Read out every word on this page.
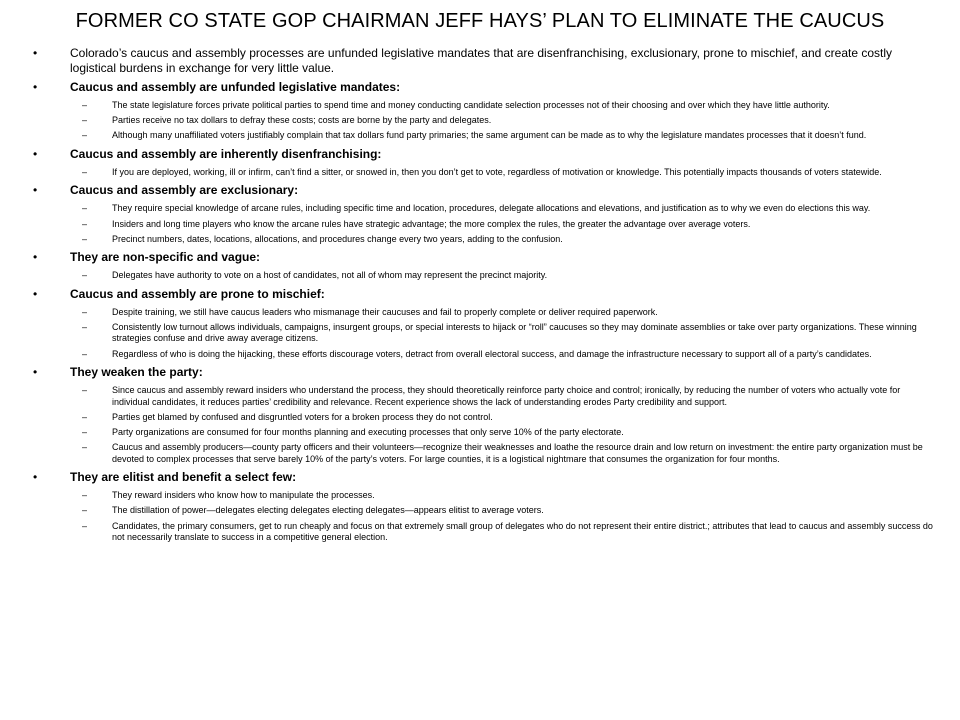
FORMER CO STATE GOP CHAIRMAN JEFF HAYS’ PLAN TO ELIMINATE THE CAUCUS
•	Colorado’s caucus and assembly processes are unfunded legislative mandates that are disenfranchising, exclusionary, prone to mischief, and create costly logistical burdens in exchange for very little value.
•	Caucus and assembly are unfunded legislative mandates:
–	The state legislature forces private political parties to spend time and money conducting candidate selection processes not of their choosing and over which they have little authority.
–	Parties receive no tax dollars to defray these costs; costs are borne by the party and delegates.
–	Although many unaffiliated voters justifiably complain that tax dollars fund party primaries; the same argument can be made as to why the legislature mandates processes that it doesn’t fund.
•	Caucus and assembly are inherently disenfranchising:
–	If you are deployed, working, ill or infirm, can’t find a sitter, or snowed in, then you don’t get to vote, regardless of motivation or knowledge. This potentially impacts thousands of voters statewide.
•	Caucus and assembly are exclusionary:
–	They require special knowledge of arcane rules, including specific time and location, procedures, delegate allocations and elevations, and justification as to why we even do elections this way.
–	Insiders and long time players who know the arcane rules have strategic advantage; the more complex the rules, the greater the advantage over average voters.
–	Precinct numbers, dates, locations, allocations, and procedures change every two years, adding to the confusion.
•	They are non-specific and vague:
–	Delegates have authority to vote on a host of candidates, not all of whom may represent the precinct majority.
•	Caucus and assembly are prone to mischief:
–	Despite training, we still have caucus leaders who mismanage their caucuses and fail to properly complete or deliver required paperwork.
–	Consistently low turnout allows individuals, campaigns, insurgent groups, or special interests to hijack or “roll” caucuses so they may dominate assemblies or take over party organizations. These winning strategies confuse and drive away average citizens.
–	Regardless of who is doing the hijacking, these efforts discourage voters, detract from overall electoral success, and damage the infrastructure necessary to support all of a party’s candidates.
•	They weaken the party:
–	Since caucus and assembly reward insiders who understand the process, they should theoretically reinforce party choice and control; ironically, by reducing the number of voters who actually vote for individual candidates, it reduces parties’ credibility and relevance. Recent experience shows the lack of understanding erodes Party credibility and support.
–	Parties get blamed by confused and disgruntled voters for a broken process they do not control.
–	Party organizations are consumed for four months planning and executing processes that only serve 10% of the party electorate.
–	Caucus and assembly producers—county party officers and their volunteers—recognize their weaknesses and loathe the resource drain and low return on investment: the entire party organization must be devoted to complex processes that serve barely 10% of the party’s voters. For large counties, it is a logistical nightmare that consumes the organization for four months.
•	They are elitist and benefit a select few:
–	They reward insiders who know how to manipulate the processes.
–	The distillation of power—delegates electing delegates electing delegates—appears elitist to average voters.
–	Candidates, the primary consumers, get to run cheaply and focus on that extremely small group of delegates who do not represent their entire district.; attributes that lead to caucus and assembly success do not necessarily translate to success in a competitive general election.
